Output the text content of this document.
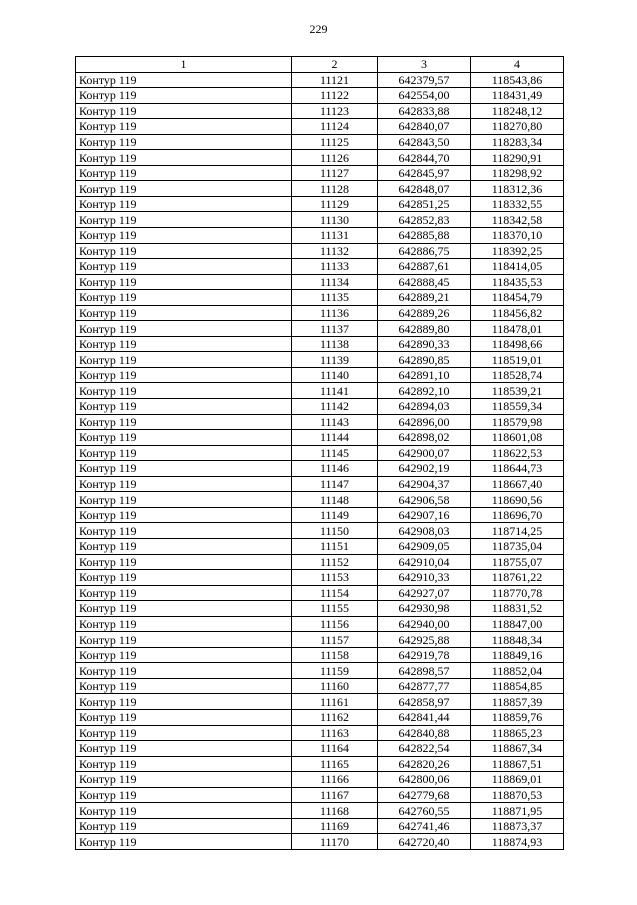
229
1	2	3	4
Контур 119	11121	642379,57	118543,86
Контур 119	11122	642554,00	118431,49
Контур 119	11123	642833,88	118248,12
Контур 119	11124	642840,07	118270,80
Контур 119	11125	642843,50	118283,34
Контур 119	11126	642844,70	118290,91
Контур 119	11127	642845,97	118298,92
Контур 119	11128	642848,07	118312,36
Контур 119	11129	642851,25	118332,55
Контур 119	11130	642852,83	118342,58
Контур 119	11131	642885,88	118370,10
Контур 119	11132	642886,75	118392,25
Контур 119	11133	642887,61	118414,05
Контур 119	11134	642888,45	118435,53
Контур 119	11135	642889,21	118454,79
Контур 119	11136	642889,26	118456,82
Контур 119	11137	642889,80	118478,01
Контур 119	11138	642890,33	118498,66
Контур 119	11139	642890,85	118519,01
Контур 119	11140	642891,10	118528,74
Контур 119	11141	642892,10	118539,21
Контур 119	11142	642894,03	118559,34
Контур 119	11143	642896,00	118579,98
Контур 119	11144	642898,02	118601,08
Контур 119	11145	642900,07	118622,53
Контур 119	11146	642902,19	118644,73
Контур 119	11147	642904,37	118667,40
Контур 119	11148	642906,58	118690,56
Контур 119	11149	642907,16	118696,70
Контур 119	11150	642908,03	118714,25
Контур 119	11151	642909,05	118735,04
Контур 119	11152	642910,04	118755,07
Контур 119	11153	642910,33	118761,22
Контур 119	11154	642927,07	118770,78
Контур 119	11155	642930,98	118831,52
Контур 119	11156	642940,00	118847,00
Контур 119	11157	642925,88	118848,34
Контур 119	11158	642919,78	118849,16
Контур 119	11159	642898,57	118852,04
Контур 119	11160	642877,77	118854,85
Контур 119	11161	642858,97	118857,39
Контур 119	11162	642841,44	118859,76
Контур 119	11163	642840,88	118865,23
Контур 119	11164	642822,54	118867,34
Контур 119	11165	642820,26	118867,51
Контур 119	11166	642800,06	118869,01
Контур 119	11167	642779,68	118870,53
Контур 119	11168	642760,55	118871,95
Контур 119	11169	642741,46	118873,37
Контур 119	11170	642720,40	118874,93
